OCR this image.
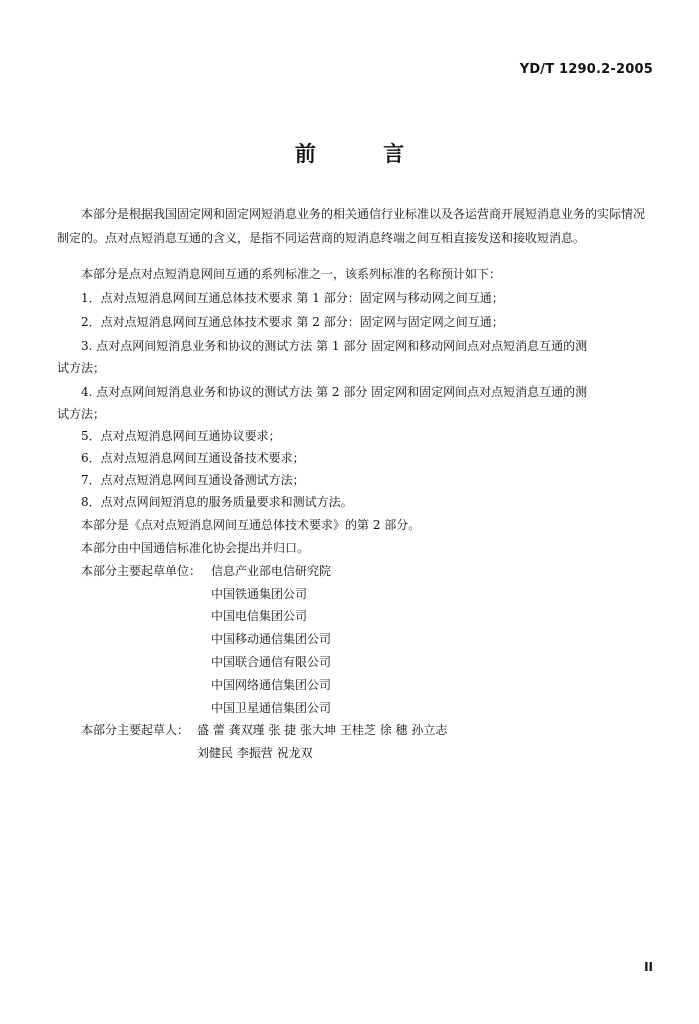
YD/T 1290.2-2005
前 言

本部分是根据我国固定网和固定网短消息业务的相关通信行业标准以及各运营商开展短消息业务的实际情况制定的。点对点短消息互通的含义，是指不同运营商的短消息终端之间互相直接发送和接收短消息。

本部分是点对点短消息网间互通的系列标准之一，该系列标准的名称预计如下：
1．点对点短消息网间互通总体技术要求 第 1 部分：固定网与移动网之间互通；
2．点对点短消息网间互通总体技术要求 第 2 部分：固定网与固定网之间互通；
3. 点对点网间短消息业务和协议的测试方法 第 1 部分 固定网和移动网间点对点短消息互通的测
试方法；
4. 点对点网间短消息业务和协议的测试方法 第 2 部分 固定网和固定网间点对点短消息互通的测
试方法；
5．点对点短消息网间互通协议要求；
6．点对点短消息网间互通设备技术要求；
7．点对点短消息网间互通设备测试方法；
8．点对点网间短消息的服务质量要求和测试方法。
本部分是《点对点短消息网间互通总体技术要求》的第 2 部分。
本部分由中国通信标准化协会提出并归口。
本部分主要起草单位： 信息产业部电信研究院
中国铁通集团公司
中国电信集团公司
中国移动通信集团公司
中国联合通信有限公司
中国网络通信集团公司
中国卫星通信集团公司
本部分主要起草人： 盛 蕾 龚双瑾 张 捷 张大坤 王桂芝 徐 穗 孙立志
刘健民 李振营 祝龙双
II
